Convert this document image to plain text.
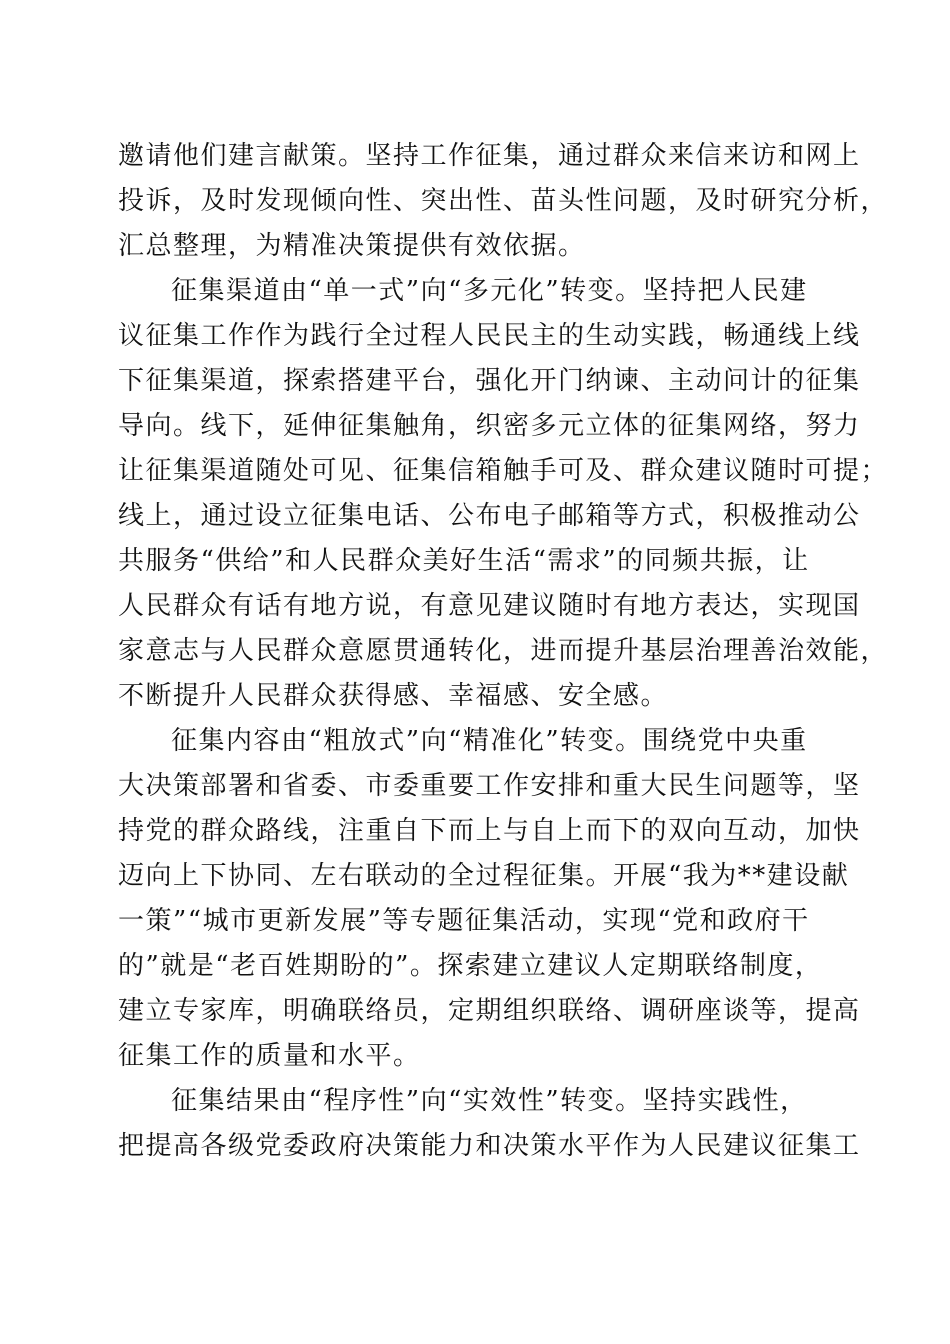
邀请他们建言献策。坚持工作征集，通过群众来信来访和网上
投诉，及时发现倾向性、突出性、苗头性问题，及时研究分析，
汇总整理，为精准决策提供有效依据。
征集渠道由“单一式”向“多元化”转变。坚持把人民建
议征集工作作为践行全过程人民民主的生动实践，畅通线上线
下征集渠道，探索搭建平台，强化开门纳谏、主动问计的征集
导向。线下，延伸征集触角，织密多元立体的征集网络，努力
让征集渠道随处可见、征集信箱触手可及、群众建议随时可提；
线上，通过设立征集电话、公布电子邮箱等方式，积极推动公
共服务“供给”和人民群众美好生活“需求”的同频共振，让
人民群众有话有地方说，有意见建议随时有地方表达，实现国
家意志与人民群众意愿贯通转化，进而提升基层治理善治效能，
不断提升人民群众获得感、幸福感、安全感。
征集内容由“粗放式”向“精准化”转变。围绕党中央重
大决策部署和省委、市委重要工作安排和重大民生问题等，坚
持党的群众路线，注重自下而上与自上而下的双向互动，加快
迈向上下协同、左右联动的全过程征集。开展“我为**建设献
一策”“城市更新发展”等专题征集活动，实现“党和政府干
的”就是“老百姓期盼的”。探索建立建议人定期联络制度，
建立专家库，明确联络员，定期组织联络、调研座谈等，提高
征集工作的质量和水平。
征集结果由“程序性”向“实效性”转变。坚持实践性，
把提高各级党委政府决策能力和决策水平作为人民建议征集工
